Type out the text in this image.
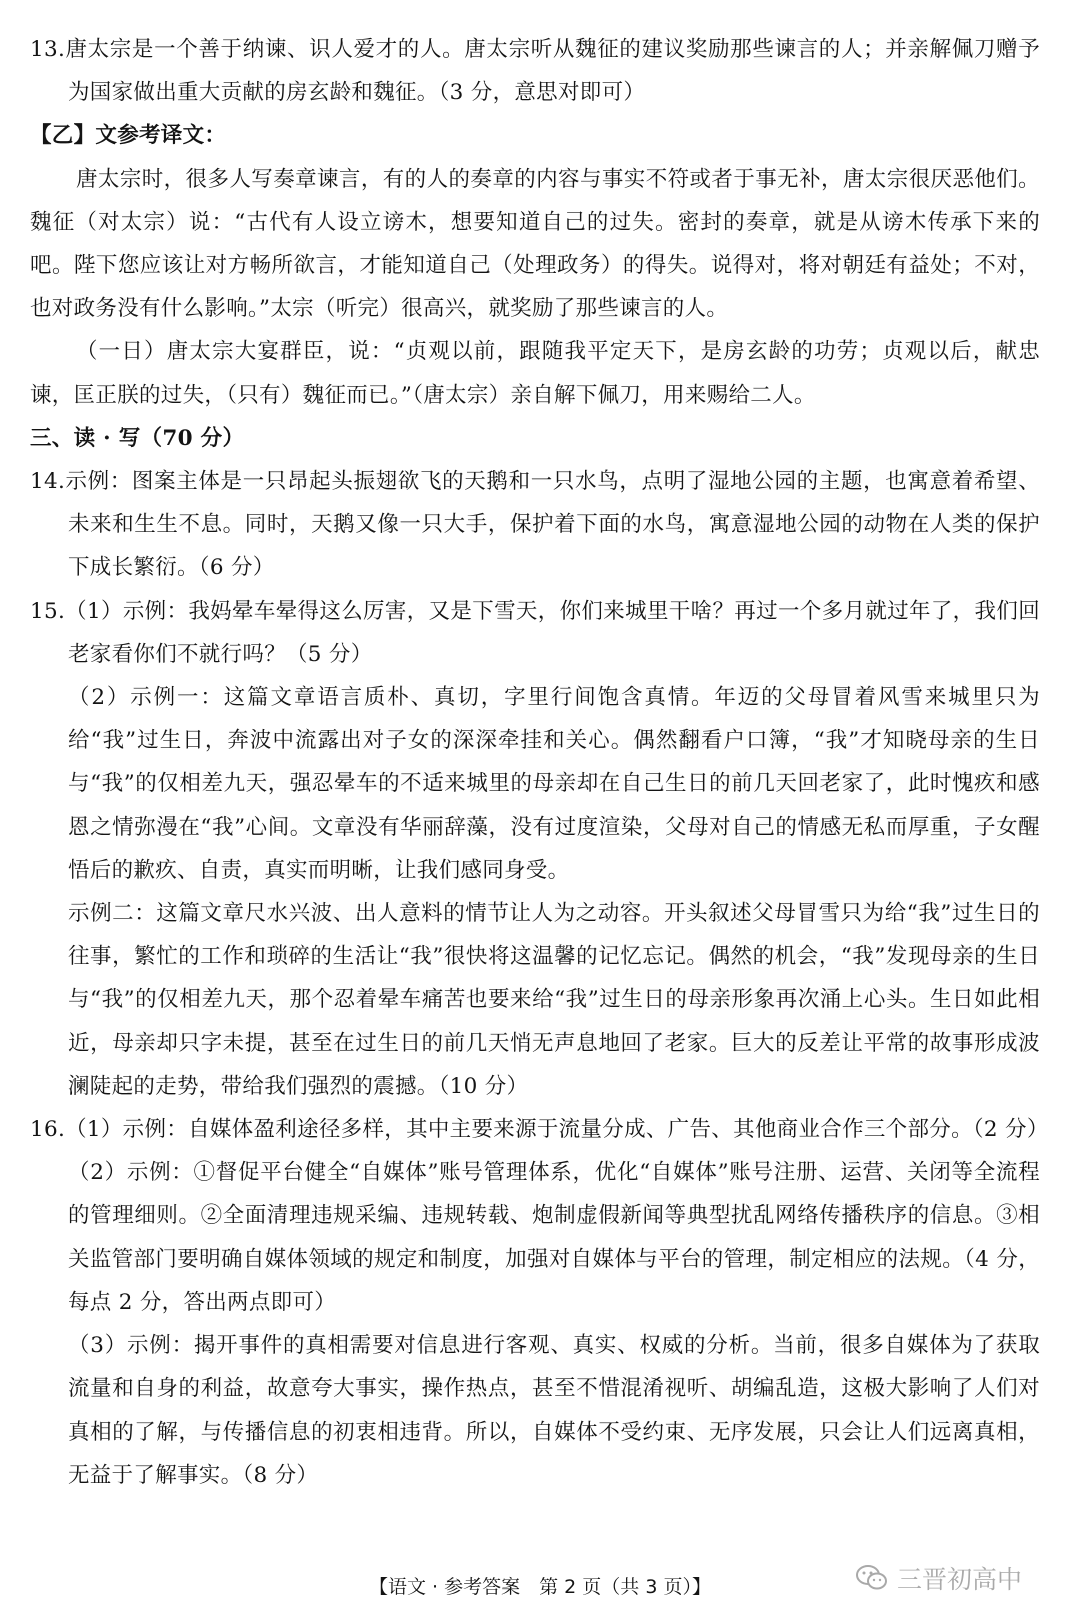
13.唐太宗是一个善于纳谏、识人爱才的人。唐太宗听从魏征的建议奖励那些谏言的人；并亲解佩刀赠予为国家做出重大贡献的房玄龄和魏征。（3 分，意思对即可）

【乙】文参考译文：

唐太宗时，很多人写奏章谏言，有的人的奏章的内容与事实不符或者于事无补，唐太宗很厌恶他们。魏征（对太宗）说：“古代有人设立谤木，想要知道自己的过失。密封的奏章，就是从谤木传承下来的吧。陛下您应该让对方畅所欲言，才能知道自己（处理政务）的得失。说得对，将对朝廷有益处；不对，也对政务没有什么影响。”太宗（听完）很高兴，就奖励了那些谏言的人。

（一日）唐太宗大宴群臣，说：“贞观以前，跟随我平定天下，是房玄龄的功劳；贞观以后，献忠谏，匡正朕的过失，（只有）魏征而已。”（唐太宗）亲自解下佩刀，用来赐给二人。

三、读 · 写（70 分）

14.示例：图案主体是一只昂起头振翅欲飞的天鹅和一只水鸟，点明了湿地公园的主题，也寓意着希望、未来和生生不息。同时，天鹅又像一只大手，保护着下面的水鸟，寓意湿地公园的动物在人类的保护下成长繁衍。（6 分）

15.（1）示例：我妈晕车晕得这么厉害，又是下雪天，你们来城里干啥？再过一个多月就过年了，我们回老家看你们不就行吗？（5 分）

（2）示例一：这篇文章语言质朴、真切，字里行间饱含真情。年迈的父母冒着风雪来城里只为给“我”过生日，奔波中流露出对子女的深深牵挂和关心。偶然翻看户口簿，“我”才知晓母亲的生日与“我”的仅相差九天，强忍晕车的不适来城里的母亲却在自己生日的前几天回老家了，此时愧疚和感恩之情弥漫在“我”心间。文章没有华丽辞藻，没有过度渲染，父母对自己的情感无私而厚重，子女醒悟后的歉疚、自责，真实而明晰，让我们感同身受。

示例二：这篇文章尺水兴波、出人意料的情节让人为之动容。开头叙述父母冒雪只为给“我”过生日的往事，繁忙的工作和琐碎的生活让“我”很快将这温馨的记忆忘记。偶然的机会，“我”发现母亲的生日与“我”的仅相差九天，那个忍着晕车痛苦也要来给“我”过生日的母亲形象再次涌上心头。生日如此相近，母亲却只字未提，甚至在过生日的前几天悄无声息地回了老家。巨大的反差让平常的故事形成波澜陡起的走势，带给我们强烈的震撼。（10 分）

16.（1）示例：自媒体盈利途径多样，其中主要来源于流量分成、广告、其他商业合作三个部分。（2 分）

（2）示例：①督促平台健全“自媒体”账号管理体系，优化“自媒体”账号注册、运营、关闭等全流程的管理细则。②全面清理违规采编、违规转载、炮制虚假新闻等典型扰乱网络传播秩序的信息。③相关监管部门要明确自媒体领域的规定和制度，加强对自媒体与平台的管理，制定相应的法规。（4 分，每点 2 分，答出两点即可）

（3）示例：揭开事件的真相需要对信息进行客观、真实、权威的分析。当前，很多自媒体为了获取流量和自身的利益，故意夸大事实，操作热点，甚至不惜混淆视听、胡编乱造，这极大影响了人们对真相的了解，与传播信息的初衷相违背。所以，自媒体不受约束、无序发展，只会让人们远离真相，无益于了解事实。（8 分）

【语文 · 参考答案　第 2 页（共 3 页）】	三晋初高中
